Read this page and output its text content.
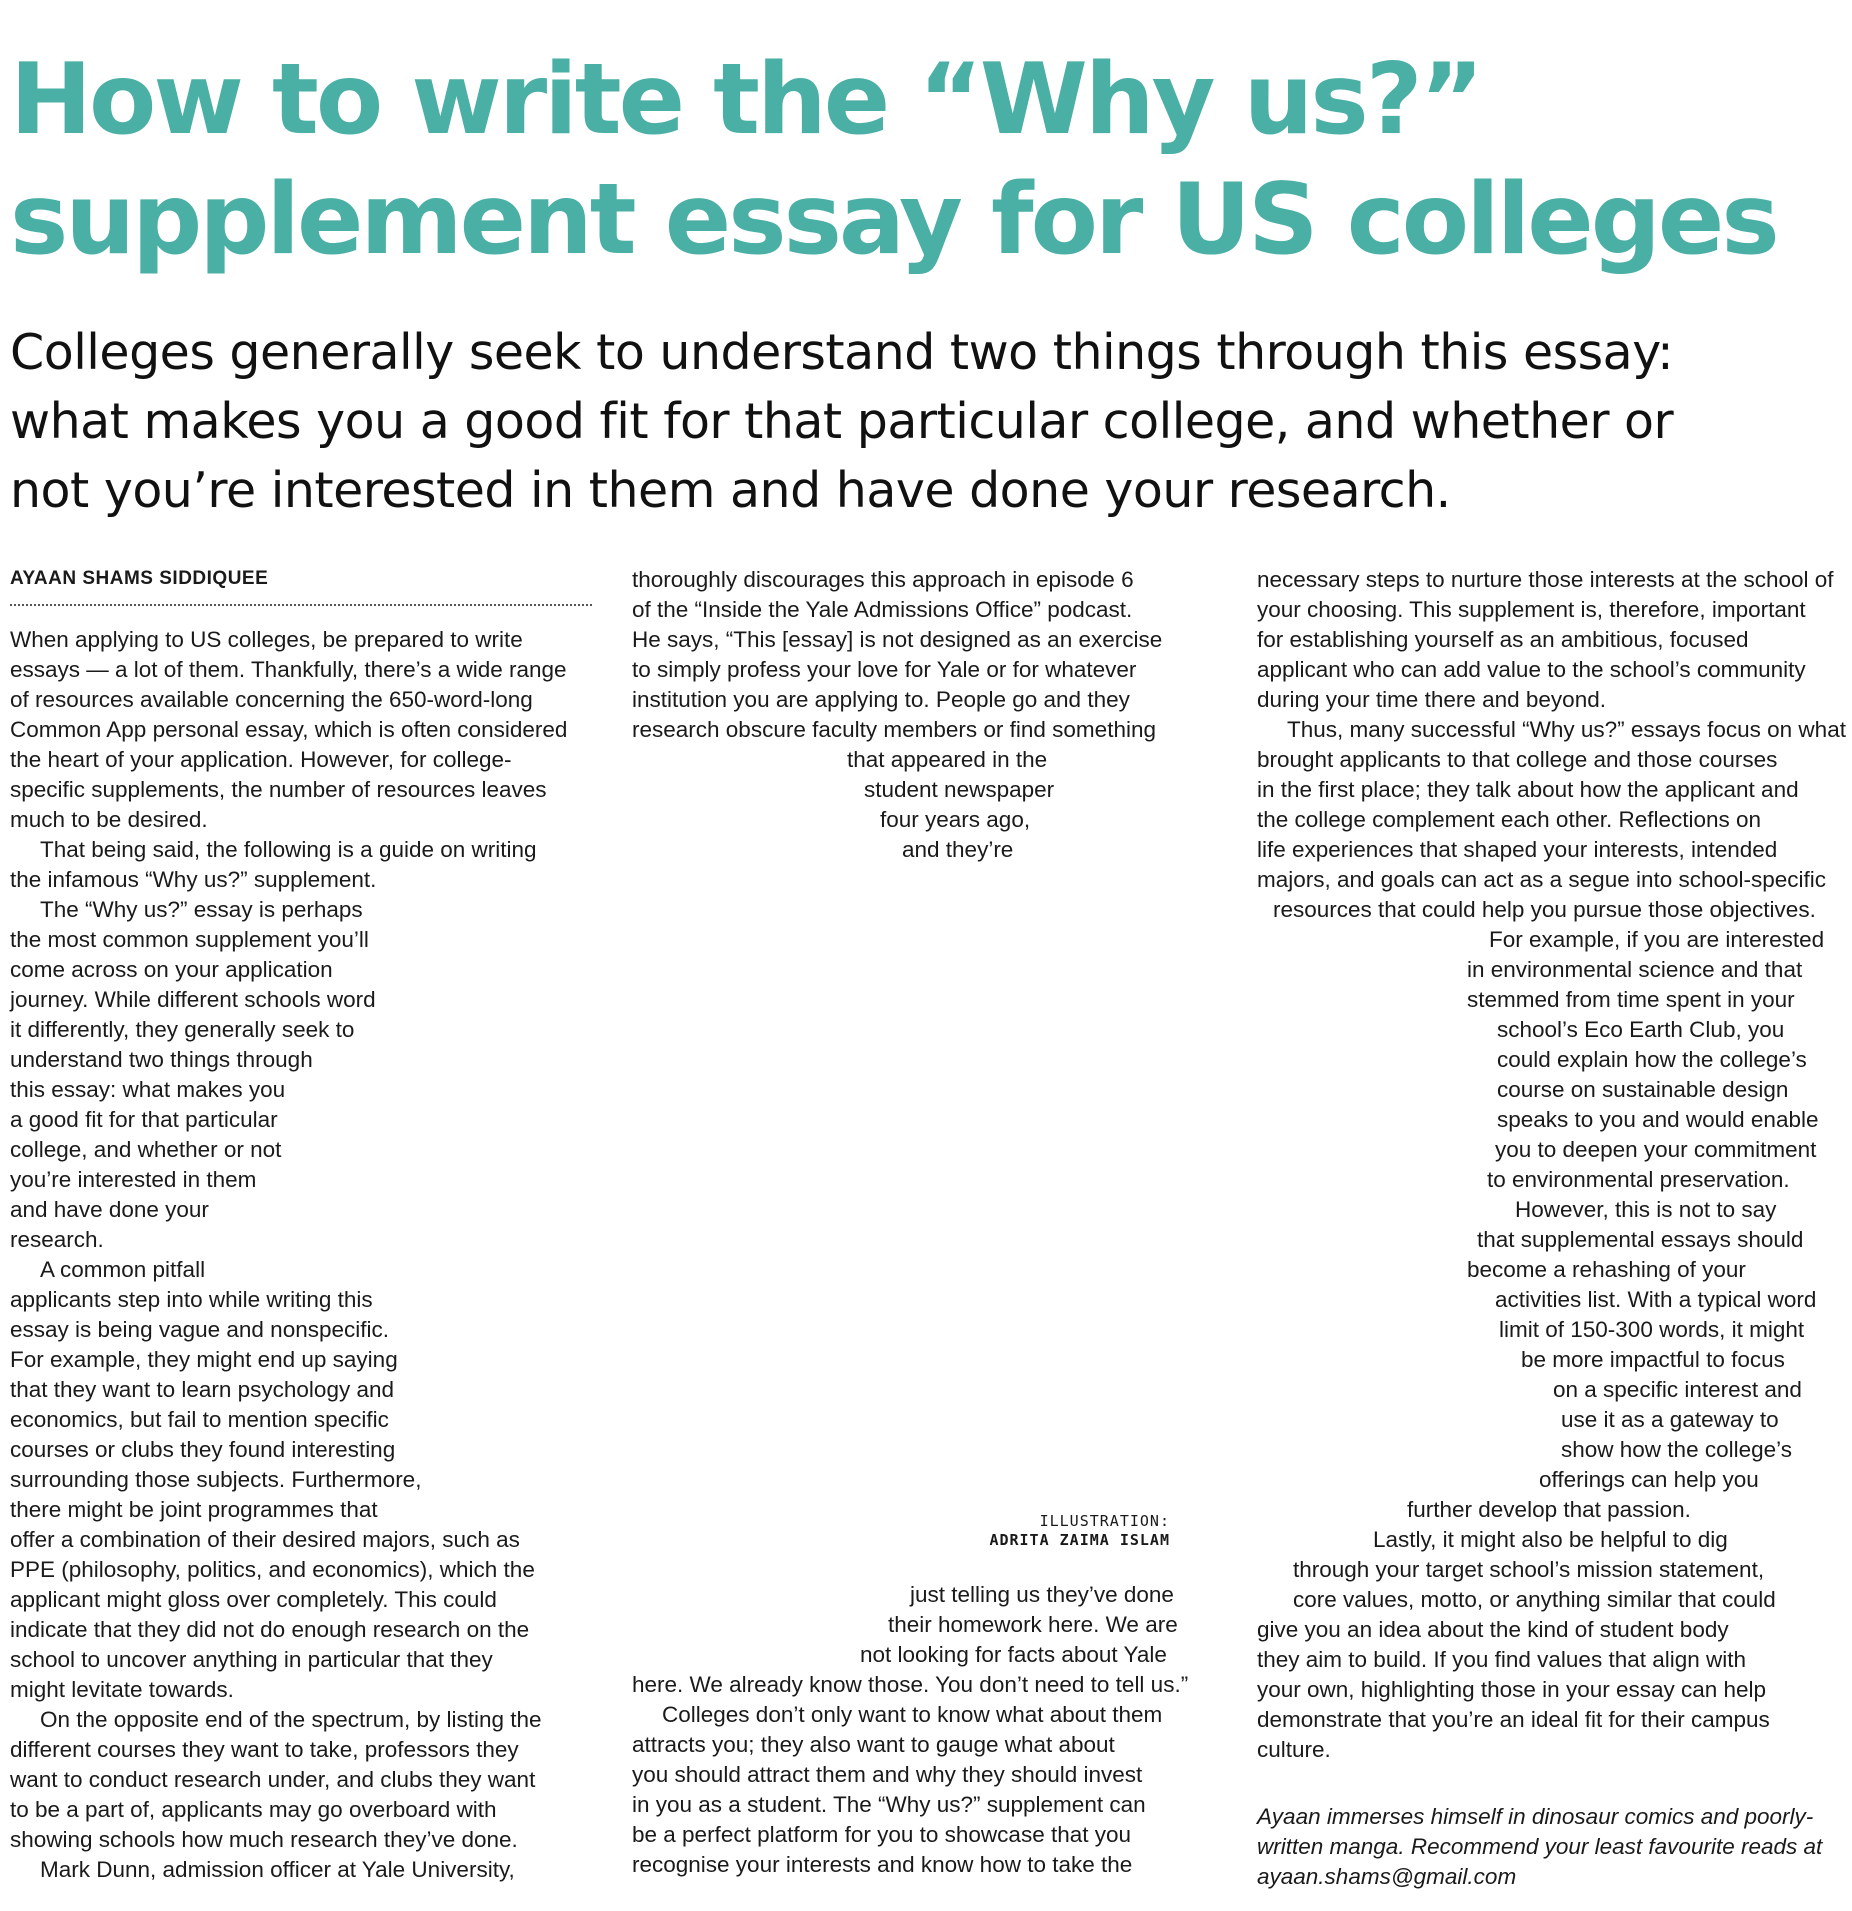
How to write the “Why us?”
supplement essay for US colleges

Colleges generally seek to understand two things through this essay:
what makes you a good fit for that particular college, and whether or
not you’re interested in them and have done your research.

AYAAN SHAMS SIDDIQUEE
When applying to US colleges, be prepared to write
essays — a lot of them. Thankfully, there’s a wide range
of resources available concerning the 650-word-long
Common App personal essay, which is often considered
the heart of your application. However, for college-
specific supplements, the number of resources leaves
much to be desired.
That being said, the following is a guide on writing
the infamous “Why us?” supplement.
The “Why us?” essay is perhaps
the most common supplement you’ll
come across on your application
journey. While different schools word
it differently, they generally seek to
understand two things through
this essay: what makes you
a good fit for that particular
college, and whether or not
you’re interested in them
and have done your
research.
A common pitfall
applicants step into while writing this
essay is being vague and nonspecific.
For example, they might end up saying
that they want to learn psychology and
economics, but fail to mention specific
courses or clubs they found interesting
surrounding those subjects. Furthermore,
there might be joint programmes that
offer a combination of their desired majors, such as
PPE (philosophy, politics, and economics), which the
applicant might gloss over completely. This could
indicate that they did not do enough research on the
school to uncover anything in particular that they
might levitate towards.
On the opposite end of the spectrum, by listing the
different courses they want to take, professors they
want to conduct research under, and clubs they want
to be a part of, applicants may go overboard with
showing schools how much research they’ve done.
Mark Dunn, admission officer at Yale University,
thoroughly discourages this approach in episode 6
of the “Inside the Yale Admissions Office” podcast.
He says, “This [essay] is not designed as an exercise
to simply profess your love for Yale or for whatever
institution you are applying to. People go and they
research obscure faculty members or find something
that appeared in the
student newspaper
four years ago,
and they’re
ILLUSTRATION:
ADRITA ZAIMA ISLAM
just telling us they’ve done
their homework here. We are
not looking for facts about Yale
here. We already know those. You don’t need to tell us.”
Colleges don’t only want to know what about them
attracts you; they also want to gauge what about
you should attract them and why they should invest
in you as a student. The “Why us?” supplement can
be a perfect platform for you to showcase that you
recognise your interests and know how to take the
necessary steps to nurture those interests at the school of
your choosing. This supplement is, therefore, important
for establishing yourself as an ambitious, focused
applicant who can add value to the school’s community
during your time there and beyond.
Thus, many successful “Why us?” essays focus on what
brought applicants to that college and those courses
in the first place; they talk about how the applicant and
the college complement each other. Reflections on
life experiences that shaped your interests, intended
majors, and goals can act as a segue into school-specific
resources that could help you pursue those objectives.
For example, if you are interested
in environmental science and that
stemmed from time spent in your
school’s Eco Earth Club, you
could explain how the college’s
course on sustainable design
speaks to you and would enable
you to deepen your commitment
to environmental preservation.
However, this is not to say
that supplemental essays should
become a rehashing of your
activities list. With a typical word
limit of 150-300 words, it might
be more impactful to focus
on a specific interest and
use it as a gateway to
show how the college’s
offerings can help you
further develop that passion.
Lastly, it might also be helpful to dig
through your target school’s mission statement,
core values, motto, or anything similar that could
give you an idea about the kind of student body
they aim to build. If you find values that align with
your own, highlighting those in your essay can help
demonstrate that you’re an ideal fit for their campus
culture.
Ayaan immerses himself in dinosaur comics and poorly-
written manga. Recommend your least favourite reads at
ayaan.shams@gmail.com
